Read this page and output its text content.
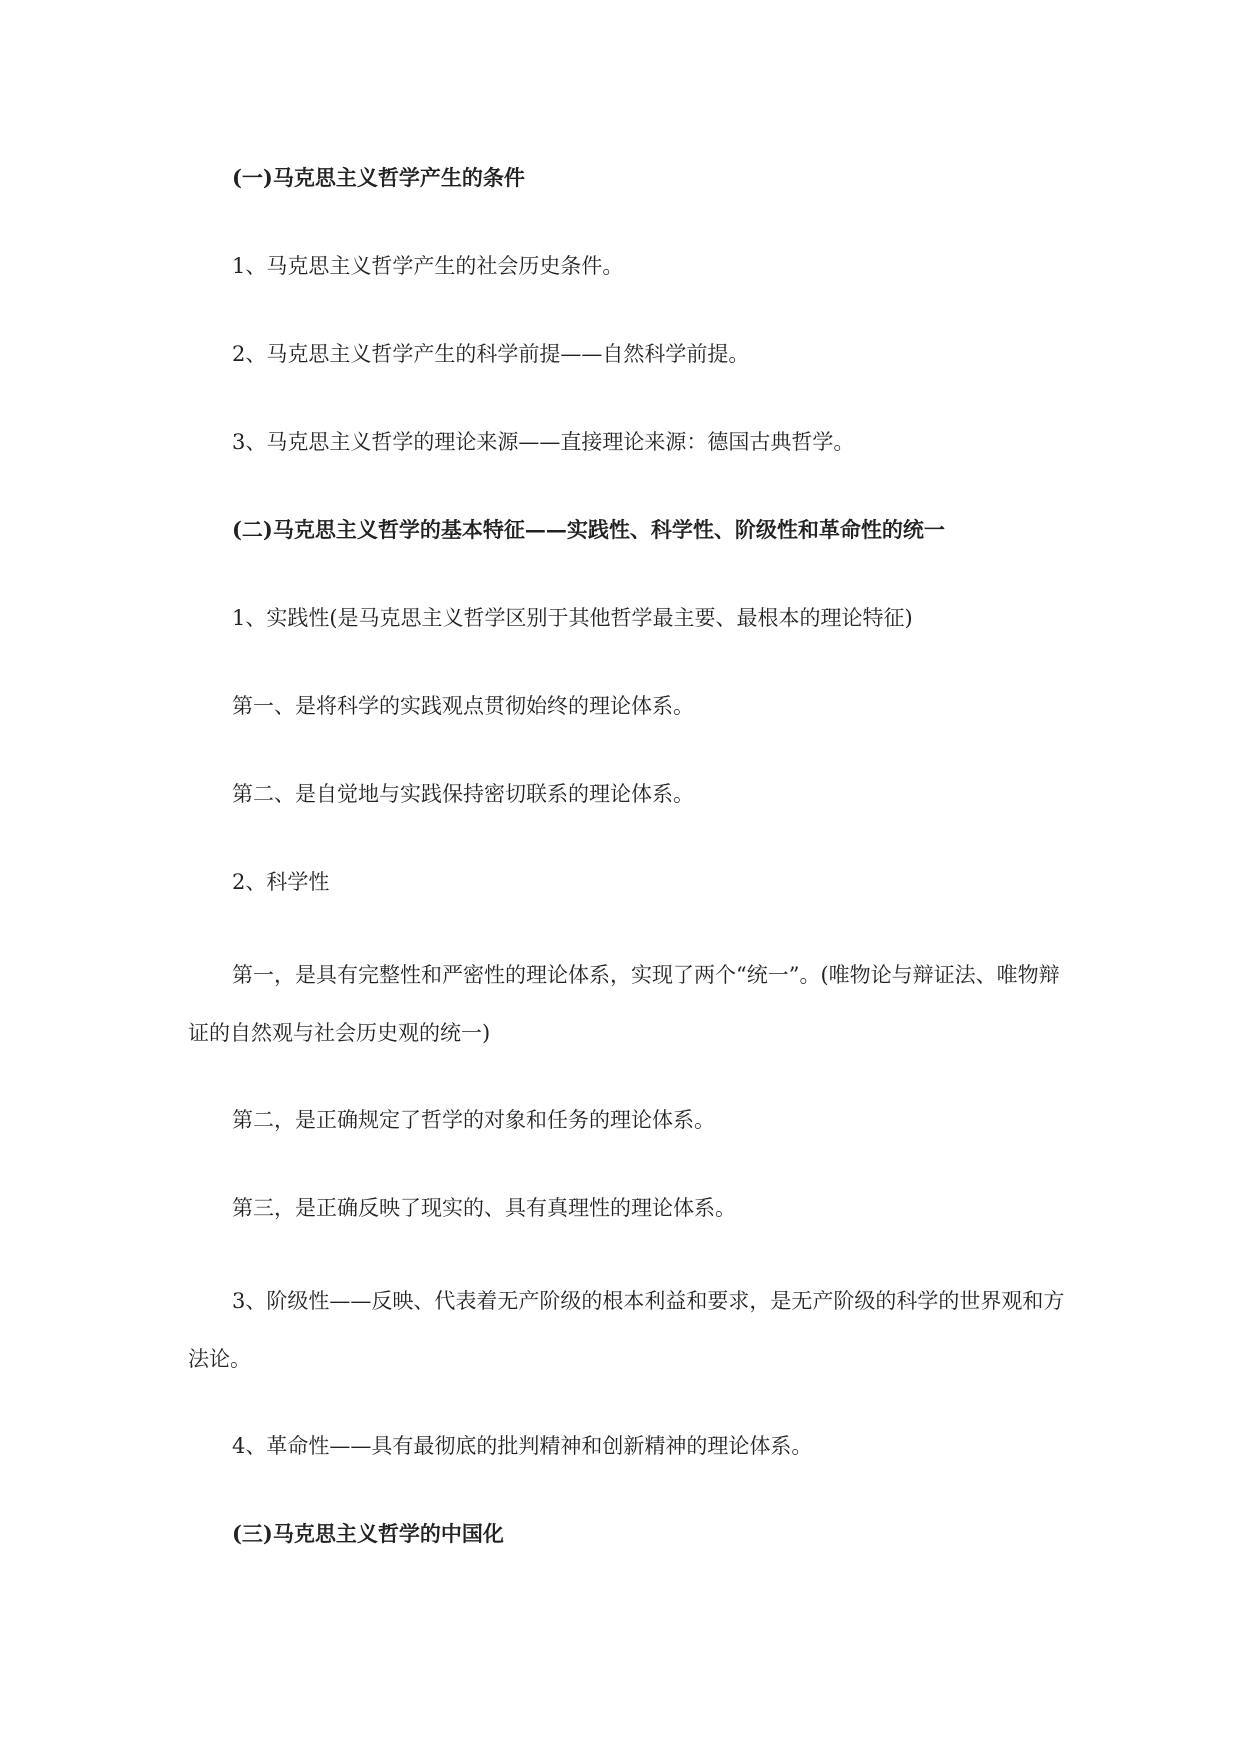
(一)马克思主义哲学产生的条件
1、马克思主义哲学产生的社会历史条件。
2、马克思主义哲学产生的科学前提——自然科学前提。
3、马克思主义哲学的理论来源——直接理论来源：德国古典哲学。
(二)马克思主义哲学的基本特征——实践性、科学性、阶级性和革命性的统一
1、实践性(是马克思主义哲学区别于其他哲学最主要、最根本的理论特征)
第一、是将科学的实践观点贯彻始终的理论体系。
第二、是自觉地与实践保持密切联系的理论体系。
2、科学性
第一，是具有完整性和严密性的理论体系，实现了两个“统一”。(唯物论与辩证法、唯物辩证的自然观与社会历史观的统一)
第二，是正确规定了哲学的对象和任务的理论体系。
第三，是正确反映了现实的、具有真理性的理论体系。
3、阶级性——反映、代表着无产阶级的根本利益和要求，是无产阶级的科学的世界观和方法论。
4、革命性——具有最彻底的批判精神和创新精神的理论体系。
(三)马克思主义哲学的中国化
